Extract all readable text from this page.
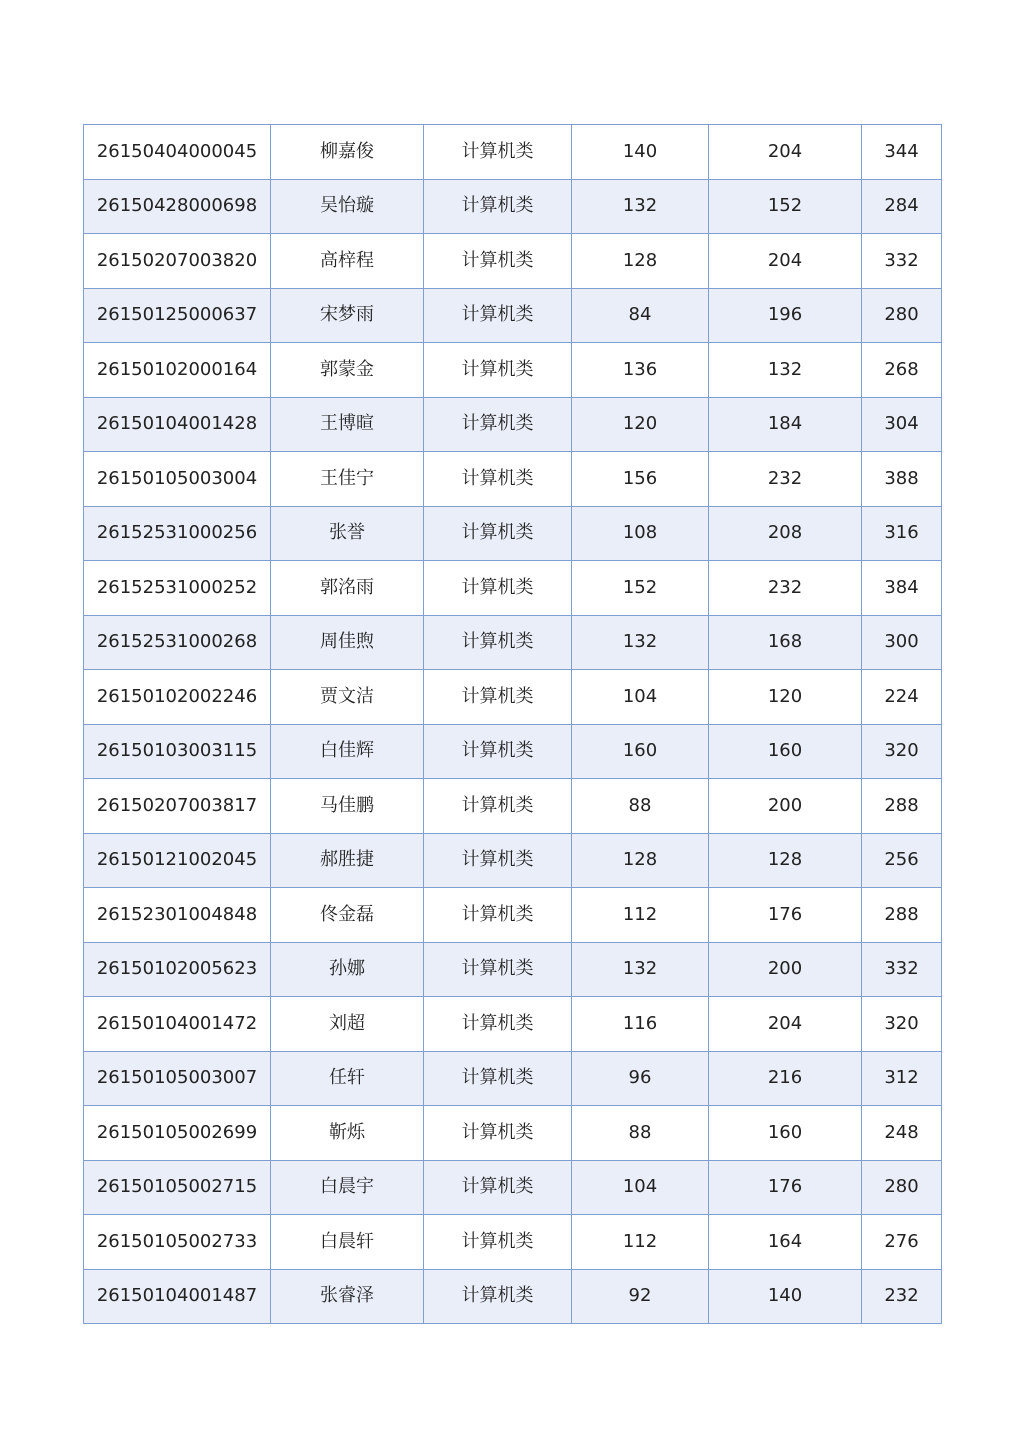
26150404000045	柳嘉俊	计算机类	140	204	344
26150428000698	吴怡璇	计算机类	132	152	284
26150207003820	高梓程	计算机类	128	204	332
26150125000637	宋梦雨	计算机类	84	196	280
26150102000164	郭蒙金	计算机类	136	132	268
26150104001428	王博暄	计算机类	120	184	304
26150105003004	王佳宁	计算机类	156	232	388
26152531000256	张誉	计算机类	108	208	316
26152531000252	郭洺雨	计算机类	152	232	384
26152531000268	周佳煦	计算机类	132	168	300
26150102002246	贾文洁	计算机类	104	120	224
26150103003115	白佳辉	计算机类	160	160	320
26150207003817	马佳鹏	计算机类	88	200	288
26150121002045	郝胜捷	计算机类	128	128	256
26152301004848	佟金磊	计算机类	112	176	288
26150102005623	孙娜	计算机类	132	200	332
26150104001472	刘超	计算机类	116	204	320
26150105003007	任轩	计算机类	96	216	312
26150105002699	靳烁	计算机类	88	160	248
26150105002715	白晨宇	计算机类	104	176	280
26150105002733	白晨轩	计算机类	112	164	276
26150104001487	张睿泽	计算机类	92	140	232
